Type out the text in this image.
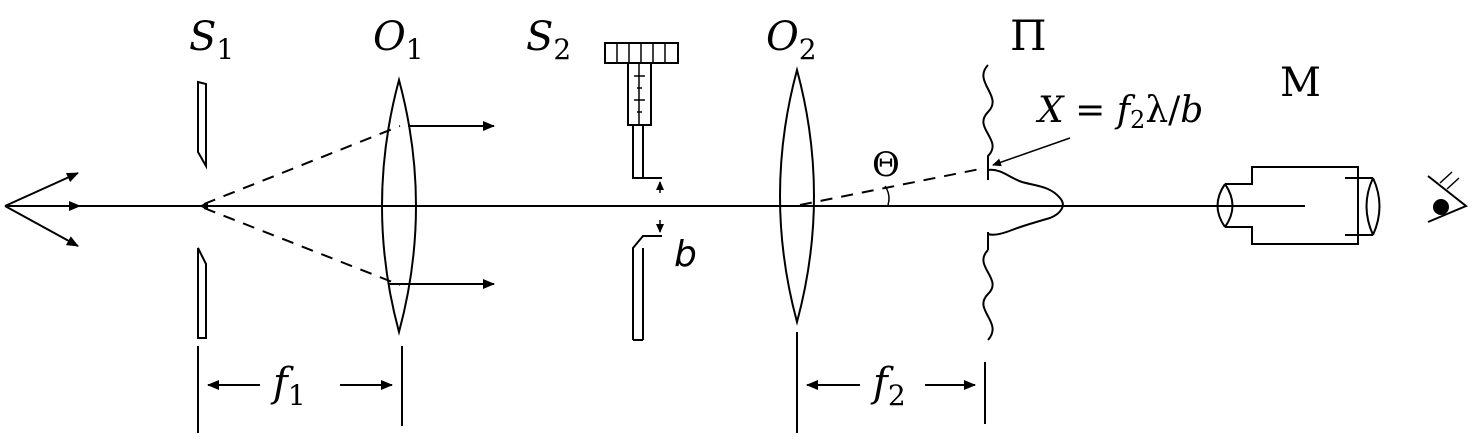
$S_1$	$O_1$	$S_2$	$O_2$	Π
M
Θ
b
$f_1$	$f_2$
X = f2λ/b
